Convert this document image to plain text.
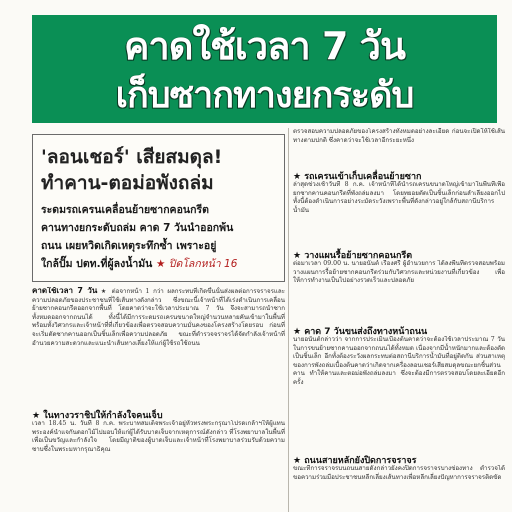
คาดใช้เวลา 7 วัน
เก็บซากทางยกระดับ
'ลอนเชอร์' เสียสมดุล!
ทำคาน-ตอม่อพังถล่ม
ระดมรถเครนเคลื่อนย้ายซากคอนกรีต
คานทางยกระดับถล่ม คาด 7 วันนำออกพ้น
ถนน เผยหวิดเกิดเหตุระทึกซ้ำ เพราะอยู่
ใกล้ปั๊ม ปตท.ที่ผู้ลงน้ำมัน ★ ปิดโลกหน้า 16
คาดใช้เวลา 7 วัน ★ ต่อจากหน้า 1 กว่า ผลกระทบที่เกิดขึ้นนั้นส่งผลต่อการจราจรและความปลอดภัยของประชาชนที่ใช้เส้นทางดังกล่าว ซึ่งขณะนี้เจ้าหน้าที่ได้เร่งดำเนินการเคลื่อนย้ายซากคอนกรีตออกจากพื้นที่ โดยคาดว่าจะใช้เวลาประมาณ 7 วัน จึงจะสามารถนำซากทั้งหมดออกจากถนนได้ ทั้งนี้ได้มีการระดมรถเครนขนาดใหญ่จำนวนหลายคันเข้ามาในพื้นที่ พร้อมทั้งวิศวกรและเจ้าหน้าที่ที่เกี่ยวข้องเพื่อตรวจสอบความมั่นคงของโครงสร้างโดยรอบ ก่อนที่จะเริ่มตัดซากคานออกเป็นชิ้นเล็กเพื่อความปลอดภัย ขณะที่ตำรวจจราจรได้จัดกำลังเจ้าหน้าที่อำนวยความสะดวกและแนะนำเส้นทางเลี่ยงให้แก่ผู้ใช้รถใช้ถนน
★ ในทางวราชิปให้กำลังใจคนเจ็บ
เวลา 18.45 น. วันที่ 8 ก.ค. พระบาทสมเด็จพระเจ้าอยู่หัวทรงพระกรุณาโปรดเกล้าฯให้ผู้แทนพระองค์นำแจกันดอกไม้ไปมอบให้แก่ผู้ได้รับบาดเจ็บจากเหตุการณ์ดังกล่าว ที่โรงพยาบาลในพื้นที่ เพื่อเป็นขวัญและกำลังใจ โดยมีญาติของผู้บาดเจ็บและเจ้าหน้าที่โรงพยาบาลร่วมรับด้วยความซาบซึ้งในพระมหากรุณาธิคุณ
ตรวจสอบความปลอดภัยของโครงสร้างทั้งหมดอย่างละเอียด ก่อนจะเปิดให้ใช้เส้นทางตามปกติ ซึ่งคาดว่าจะใช้เวลาอีกระยะหนึ่ง
★ รถเครนเข้าเก็บเคลื่อนย้ายซาก
ล่าสุดช่วงเช้าวันที่ 8 ก.ค. เจ้าหน้าที่ได้นำรถเครนขนาดใหญ่เข้ามาในพื้นที่เพื่อยกซากคานคอนกรีตที่พังถล่มลงมา โดยทยอยตัดเป็นชิ้นเล็กก่อนลำเลียงออกไป ทั้งนี้ต้องดำเนินการอย่างระมัดระวังเพราะพื้นที่ดังกล่าวอยู่ใกล้กับสถานีบริการน้ำมัน
★ วางแผนรื้อย้ายซากคอนกรีต
ต่อมาเวลา 09.00 น. นายอนันต์ เรืองศรี ผู้อำนวยการ ได้ลงพื้นที่ตรวจสอบพร้อมวางแผนการรื้อย้ายซากคอนกรีตร่วมกับวิศวกรและหน่วยงานที่เกี่ยวข้อง เพื่อให้การทำงานเป็นไปอย่างรวดเร็วและปลอดภัย
★ คาด 7 วันขนส่งถึงทางหน้าถนน
นายอนันต์กล่าวว่า จากการประเมินเบื้องต้นคาดว่าจะต้องใช้เวลาประมาณ 7 วันในการขนย้ายซากคานออกจากถนนได้ทั้งหมด เนื่องจากมีน้ำหนักมากและต้องตัดเป็นชิ้นเล็ก อีกทั้งต้องระวังผลกระทบต่อสถานีบริการน้ำมันที่อยู่ติดกัน ส่วนสาเหตุของการพังถล่มเบื้องต้นคาดว่าเกิดจากเครื่องลอนเชอร์เสียสมดุลขณะยกชิ้นส่วนคาน ทำให้คานและตอม่อพังถล่มลงมา ซึ่งจะต้องมีการตรวจสอบโดยละเอียดอีกครั้ง
★ ถนนสายหลักยังปิดการจราจร
ขณะที่การจราจรบนถนนสายดังกล่าวยังคงปิดการจราจรบางช่องทาง ตำรวจได้ขอความร่วมมือประชาชนหลีกเลี่ยงเส้นทางเพื่อหลีกเลี่ยงปัญหาการจราจรติดขัด
